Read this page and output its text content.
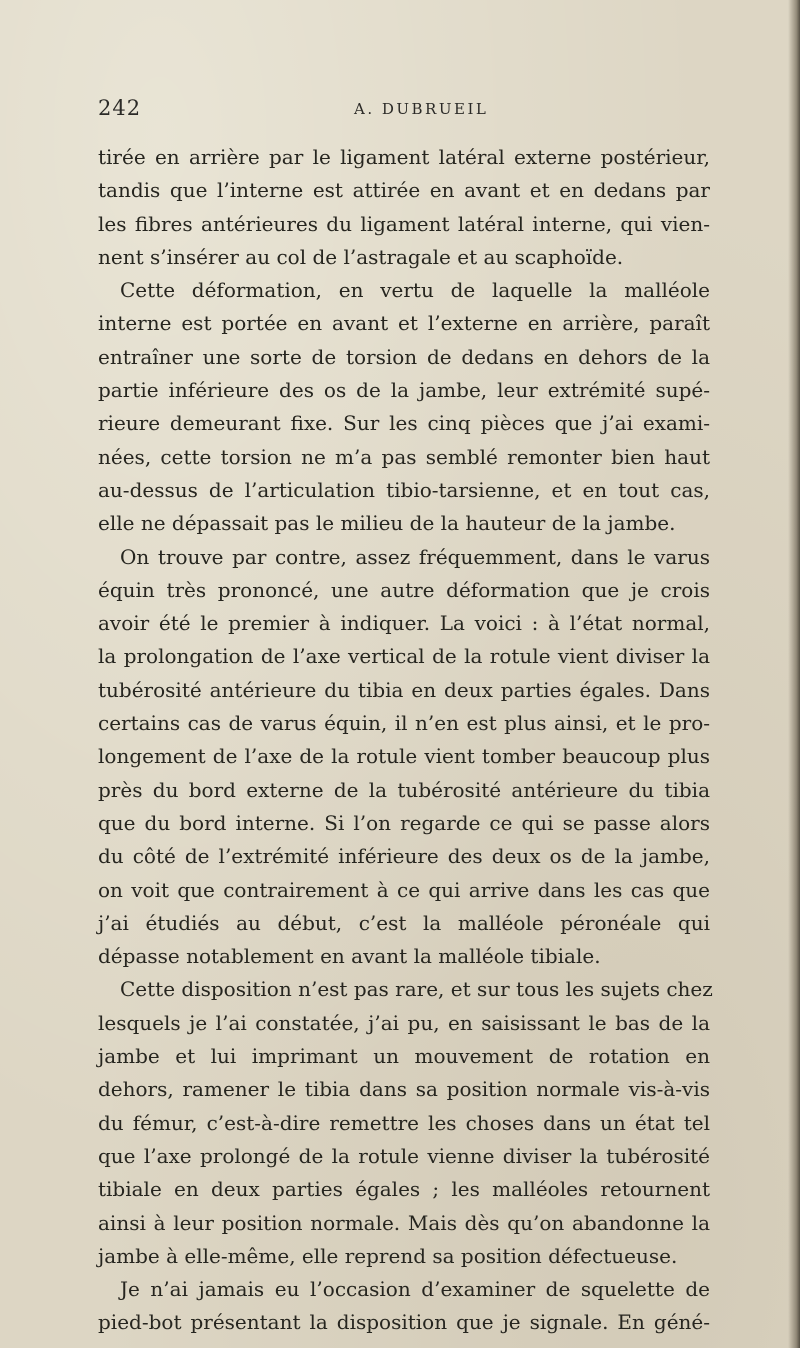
242	A. DUBRUEIL
tirée en arrière par le ligament latéral externe postérieur,
tandis que l’interne est attirée en avant et en dedans par
les fibres antérieures du ligament latéral interne, qui vien-
nent s’insérer au col de l’astragale et au scaphoïde.
Cette déformation, en vertu de laquelle la malléole
interne est portée en avant et l’externe en arrière, paraît
entraîner une sorte de torsion de dedans en dehors de la
partie inférieure des os de la jambe, leur extrémité supé-
rieure demeurant fixe. Sur les cinq pièces que j’ai exami-
nées, cette torsion ne m’a pas semblé remonter bien haut
au-dessus de l’articulation tibio-tarsienne, et en tout cas,
elle ne dépassait pas le milieu de la hauteur de la jambe.
On trouve par contre, assez fréquemment, dans le varus
équin très prononcé, une autre déformation que je crois
avoir été le premier à indiquer. La voici : à l’état normal,
la prolongation de l’axe vertical de la rotule vient diviser la
tubérosité antérieure du tibia en deux parties égales. Dans
certains cas de varus équin, il n’en est plus ainsi, et le pro-
longement de l’axe de la rotule vient tomber beaucoup plus
près du bord externe de la tubérosité antérieure du tibia
que du bord interne. Si l’on regarde ce qui se passe alors
du côté de l’extrémité inférieure des deux os de la jambe,
on voit que contrairement à ce qui arrive dans les cas que
j’ai étudiés au début, c’est la malléole péronéale qui
dépasse notablement en avant la malléole tibiale.
Cette disposition n’est pas rare, et sur tous les sujets chez
lesquels je l’ai constatée, j’ai pu, en saisissant le bas de la
jambe et lui imprimant un mouvement de rotation en
dehors, ramener le tibia dans sa position normale vis-à-vis
du fémur, c’est-à-dire remettre les choses dans un état tel
que l’axe prolongé de la rotule vienne diviser la tubérosité
tibiale en deux parties égales ; les malléoles retournent
ainsi à leur position normale. Mais dès qu’on abandonne la
jambe à elle-même, elle reprend sa position défectueuse.
Je n’ai jamais eu l’occasion d’examiner de squelette de
pied-bot présentant la disposition que je signale. En géné-
